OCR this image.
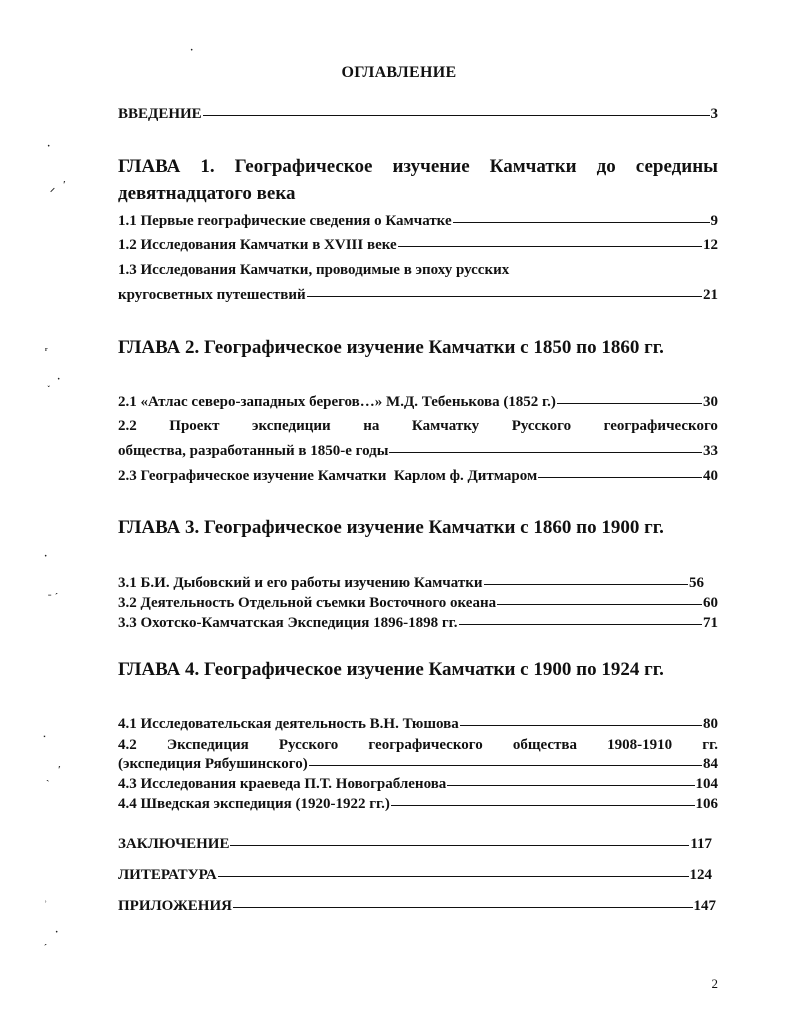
ОГЛАВЛЕНИЕ
ВВЕДЕНИЕ	3
ГЛАВА 1. Географическое изучение Камчатки до середины
девятнадцатого века
1.1 Первые географические сведения о Камчатке	9
1.2 Исследования Камчатки в XVIII веке	12
1.3 Исследования Камчатки, проводимые в эпоху русских
кругосветных путешествий	21
ГЛАВА 2. Географическое изучение Камчатки с 1850 по 1860 гг.
2.1 «Атлас северо-западных берегов…» М.Д. Тебенькова (1852 г.)	30
2.2 Проект экспедиции на Камчатку Русского географического
общества, разработанный в 1850-е годы	33
2.3 Географическое изучение Камчатки  Карлом ф. Дитмаром	40
ГЛАВА 3. Географическое изучение Камчатки с 1860 по 1900 гг.
3.1 Б.И. Дыбовский и его работы изучению Камчатки	56
3.2 Деятельность Отдельной съемки Восточного океана	60
3.3 Охотско-Камчатская Экспедиция 1896-1898 гг.	71
ГЛАВА 4. Географическое изучение Камчатки с 1900 по 1924 гг.
4.1 Исследовательская деятельность В.Н. Тюшова	80
4.2 Экспедиция Русского географического общества 1908-1910 гг.
(экспедиция Рябушинского)	84
4.3 Исследования краеведа П.Т. Новограбленова	104
4.4 Шведская экспедиция (1920-1922 гг.)	106
ЗАКЛЮЧЕНИЕ	117
ЛИТЕРАТУРА	124
ПРИЛОЖЕНИЯ	147
2
·
⸝ ʹ
ᵣ
˯ ·
·
˗ ˏ
ᐧ
ˎ
ʹ
˒
ˏ
·
·
